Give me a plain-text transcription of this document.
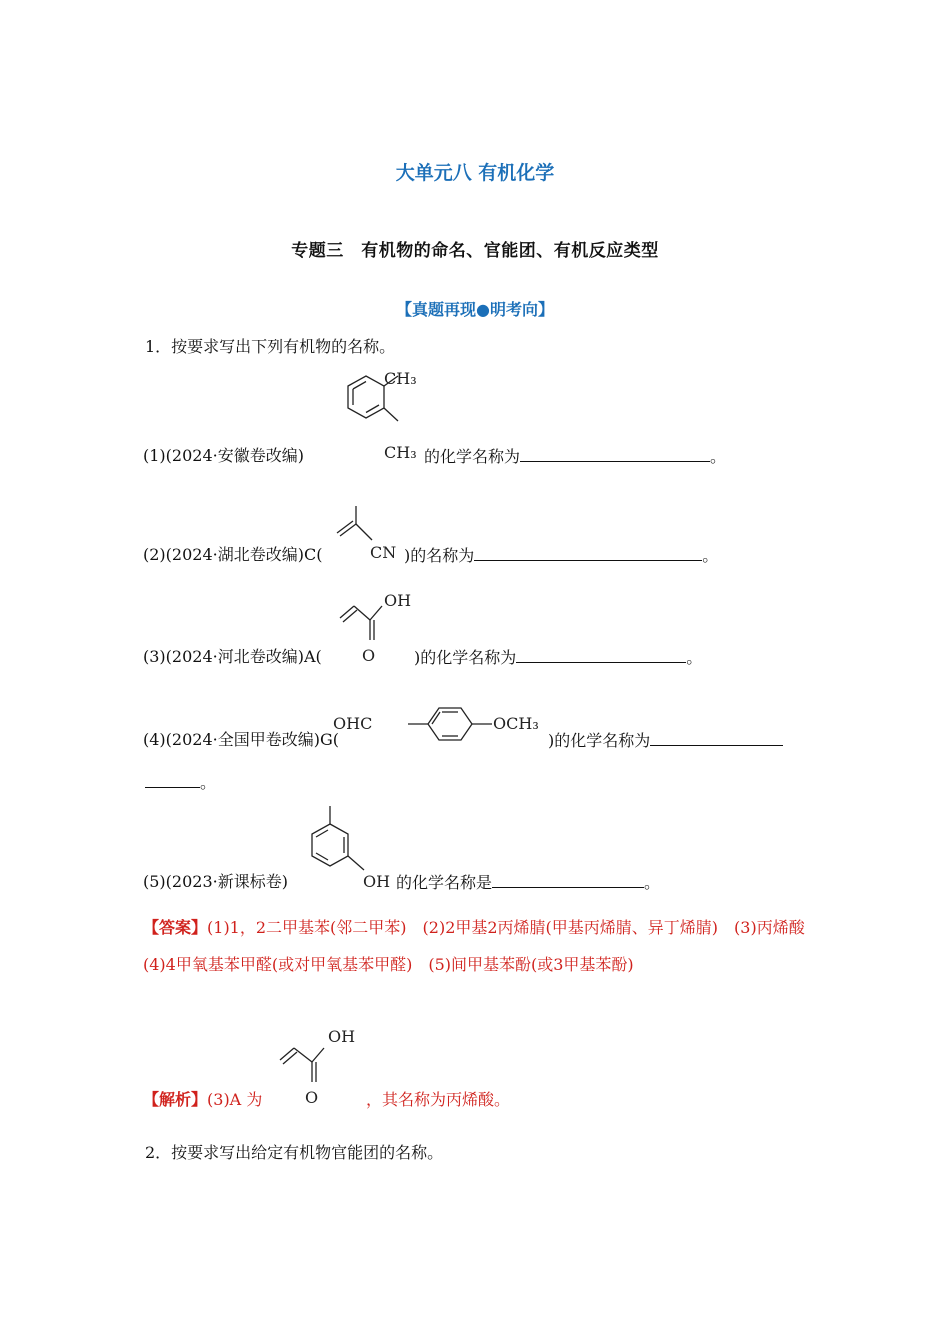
大单元八 有机化学
专题三　有机物的命名、官能团、有机反应类型
【真题再现●明考向】
1．按要求写出下列有机物的名称。
(1)(2024·安徽卷改编)
CH₃
CH₃ 的化学名称为	。
(2)(2024·湖北卷改编)C(	CN )的名称为	。
(3)(2024·河北卷改编)A(
OH
O )的化学名称为	。
(4)(2024·全国甲卷改编)G(
OHC	OCH₃
)的化学名称为
。
(5)(2023·新课标卷)	OH 的化学名称是	。
【答案】(1)1，2二甲基苯(邻二甲苯)　(2)2甲基2丙烯腈(甲基丙烯腈、异丁烯腈)　(3)丙烯酸　(4)4甲氧基苯甲醛(或对甲氧基苯甲醛)　(5)间甲基苯酚(或3甲基苯酚)
【解析】(3)A 为
OH
O	，其名称为丙烯酸。
2．按要求写出给定有机物官能团的名称。
